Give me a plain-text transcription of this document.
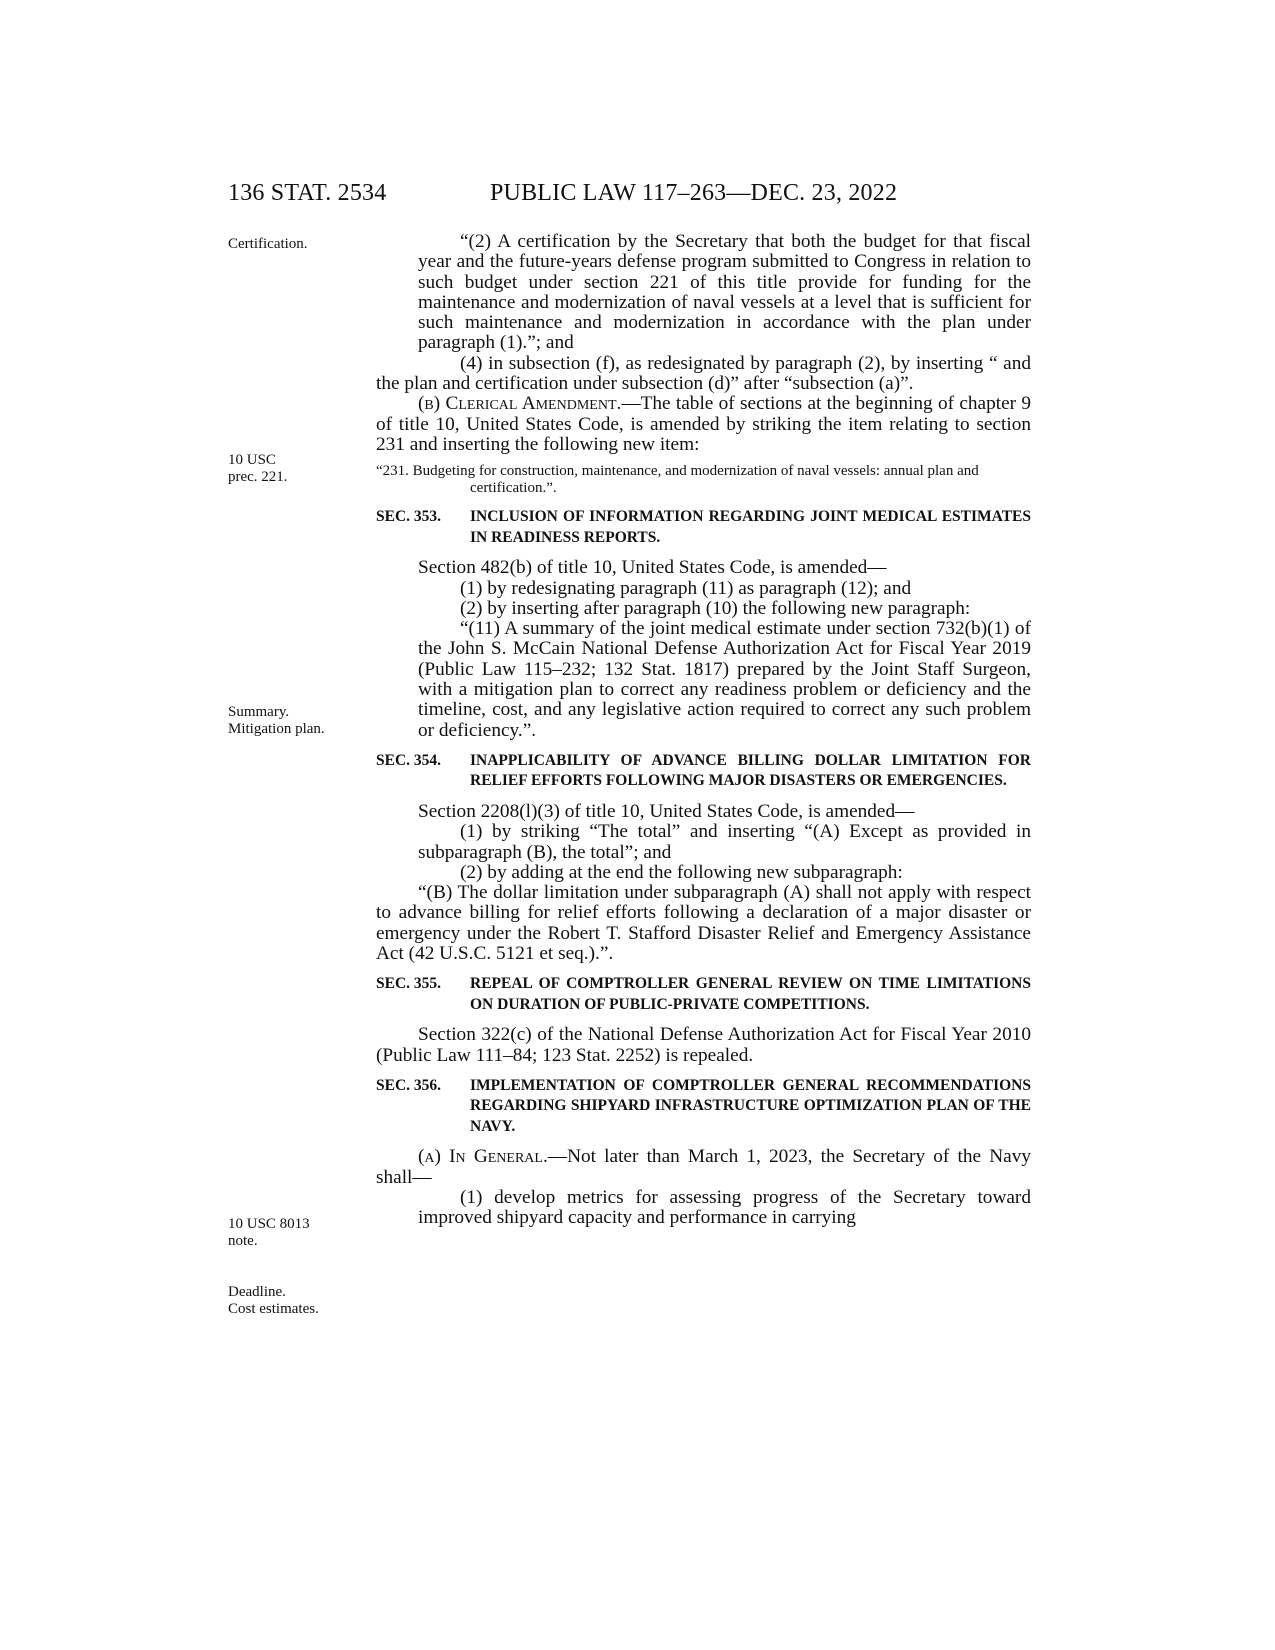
136 STAT. 2534	PUBLIC LAW 117–263—DEC. 23, 2022
Certification.
10 USC
prec. 221.
Summary.
Mitigation plan.
10 USC 8013
note.
Deadline.
Cost estimates.

“(2) A certification by the Secretary that both the budget for that fiscal year and the future-years defense program submitted to Congress in relation to such budget under section 221 of this title provide for funding for the maintenance and modernization of naval vessels at a level that is sufficient for such maintenance and modernization in accordance with the plan under paragraph (1).”; and

(4) in subsection (f), as redesignated by paragraph (2), by inserting “ and the plan and certification under subsection (d)” after “subsection (a)”.

(b) Clerical Amendment.—The table of sections at the beginning of chapter 9 of title 10, United States Code, is amended by striking the item relating to section 231 and inserting the following new item:

“231. Budgeting for construction, maintenance, and modernization of naval vessels: annual plan and certification.”.

SEC. 353. INCLUSION OF INFORMATION REGARDING JOINT MEDICAL ESTIMATES IN READINESS REPORTS.

Section 482(b) of title 10, United States Code, is amended—

(1) by redesignating paragraph (11) as paragraph (12); and

(2) by inserting after paragraph (10) the following new paragraph:

“(11) A summary of the joint medical estimate under section 732(b)(1) of the John S. McCain National Defense Authorization Act for Fiscal Year 2019 (Public Law 115–232; 132 Stat. 1817) prepared by the Joint Staff Surgeon, with a mitigation plan to correct any readiness problem or deficiency and the timeline, cost, and any legislative action required to correct any such problem or deficiency.”.

SEC. 354. INAPPLICABILITY OF ADVANCE BILLING DOLLAR LIMITATION FOR RELIEF EFFORTS FOLLOWING MAJOR DISASTERS OR EMERGENCIES.

Section 2208(l)(3) of title 10, United States Code, is amended—

(1) by striking “The total” and inserting “(A) Except as provided in subparagraph (B), the total”; and

(2) by adding at the end the following new subparagraph:

“(B) The dollar limitation under subparagraph (A) shall not apply with respect to advance billing for relief efforts following a declaration of a major disaster or emergency under the Robert T. Stafford Disaster Relief and Emergency Assistance Act (42 U.S.C. 5121 et seq.).”.

SEC. 355. REPEAL OF COMPTROLLER GENERAL REVIEW ON TIME LIMITATIONS ON DURATION OF PUBLIC-PRIVATE COMPETITIONS.

Section 322(c) of the National Defense Authorization Act for Fiscal Year 2010 (Public Law 111–84; 123 Stat. 2252) is repealed.

SEC. 356. IMPLEMENTATION OF COMPTROLLER GENERAL RECOMMENDATIONS REGARDING SHIPYARD INFRASTRUCTURE OPTIMIZATION PLAN OF THE NAVY.

(a) In General.—Not later than March 1, 2023, the Secretary of the Navy shall—

(1) develop metrics for assessing progress of the Secretary toward improved shipyard capacity and performance in carrying
